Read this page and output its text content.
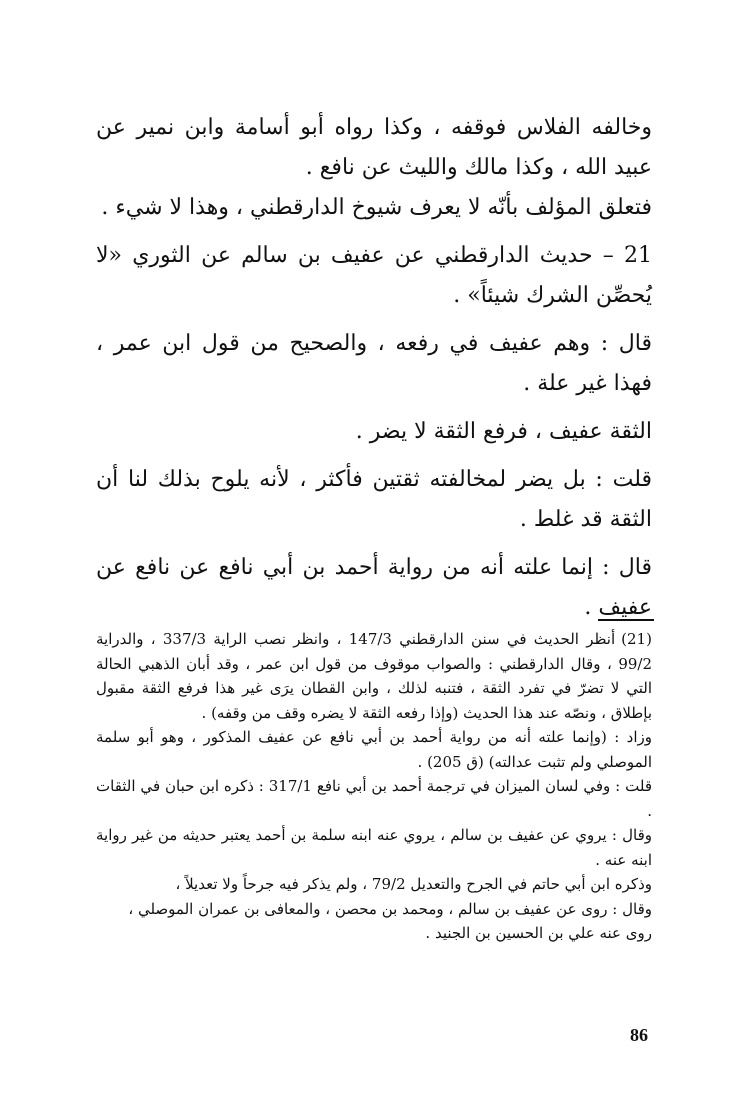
وخالفه الفلاس فوقفه ، وكذا رواه أبو أسامة وابن نمير عن عبيد الله ، وكذا مالك والليث عن نافع .

فتعلق المؤلف بأنّه لا يعرف شيوخ الدارقطني ، وهذا لا شيء .

21 – حديث الدارقطني عن عفيف بن سالم عن الثوري «لا يُحصِّن الشرك شيئاً» .

قال : وهم عفيف في رفعه ، والصحيح من قول ابن عمر ، فهذا غير علة .

الثقة عفيف ، فرفع الثقة لا يضر .

قلت : بل يضر لمخالفته ثقتين فأكثر ، لأنه يلوح بذلك لنا أن الثقة قد غلط .

قال : إنما علته أنه من رواية أحمد بن أبي نافع عن نافع عن عفيف .

(21)أنظر الحديث في سنن الدارقطني 147/3 ، وانظر نصب الراية 337/3 ، والدراية 99/2 ، وقال الدارقطني : والصواب موقوف من قول ابن عمر ، وقد أبان الذهبي الحالة التي لا تضرّ في تفرد الثقة ، فتنبه لذلك ، وابن القطان يرَى غير هذا فرفع الثقة مقبول بإطلاق ، ونصّه عند هذا الحديث (وإذا رفعه الثقة لا يضره وقف من وقفه) .

وزاد : (وإنما علته أنه من رواية أحمد بن أبي نافع عن عفيف المذكور ، وهو أبو سلمة الموصلي ولم تثبت عدالته) (ق 205) .

قلت : وفي لسان الميزان في ترجمة أحمد بن أبي نافع 317/1 : ذكره ابن حبان في الثقات .

وقال : يروي عن عفيف بن سالم ، يروي عنه ابنه سلمة بن أحمد يعتبر حديثه من غير رواية ابنه عنه .

وذكره ابن أبي حاتم في الجرح والتعديل 79/2 ، ولم يذكر فيه جرحاً ولا تعديلاً ،

وقال : روى عن عفيف بن سالم ، ومحمد بن محصن ، والمعافى بن عمران الموصلي ،

روى عنه علي بن الحسين بن الجنيد .

86
